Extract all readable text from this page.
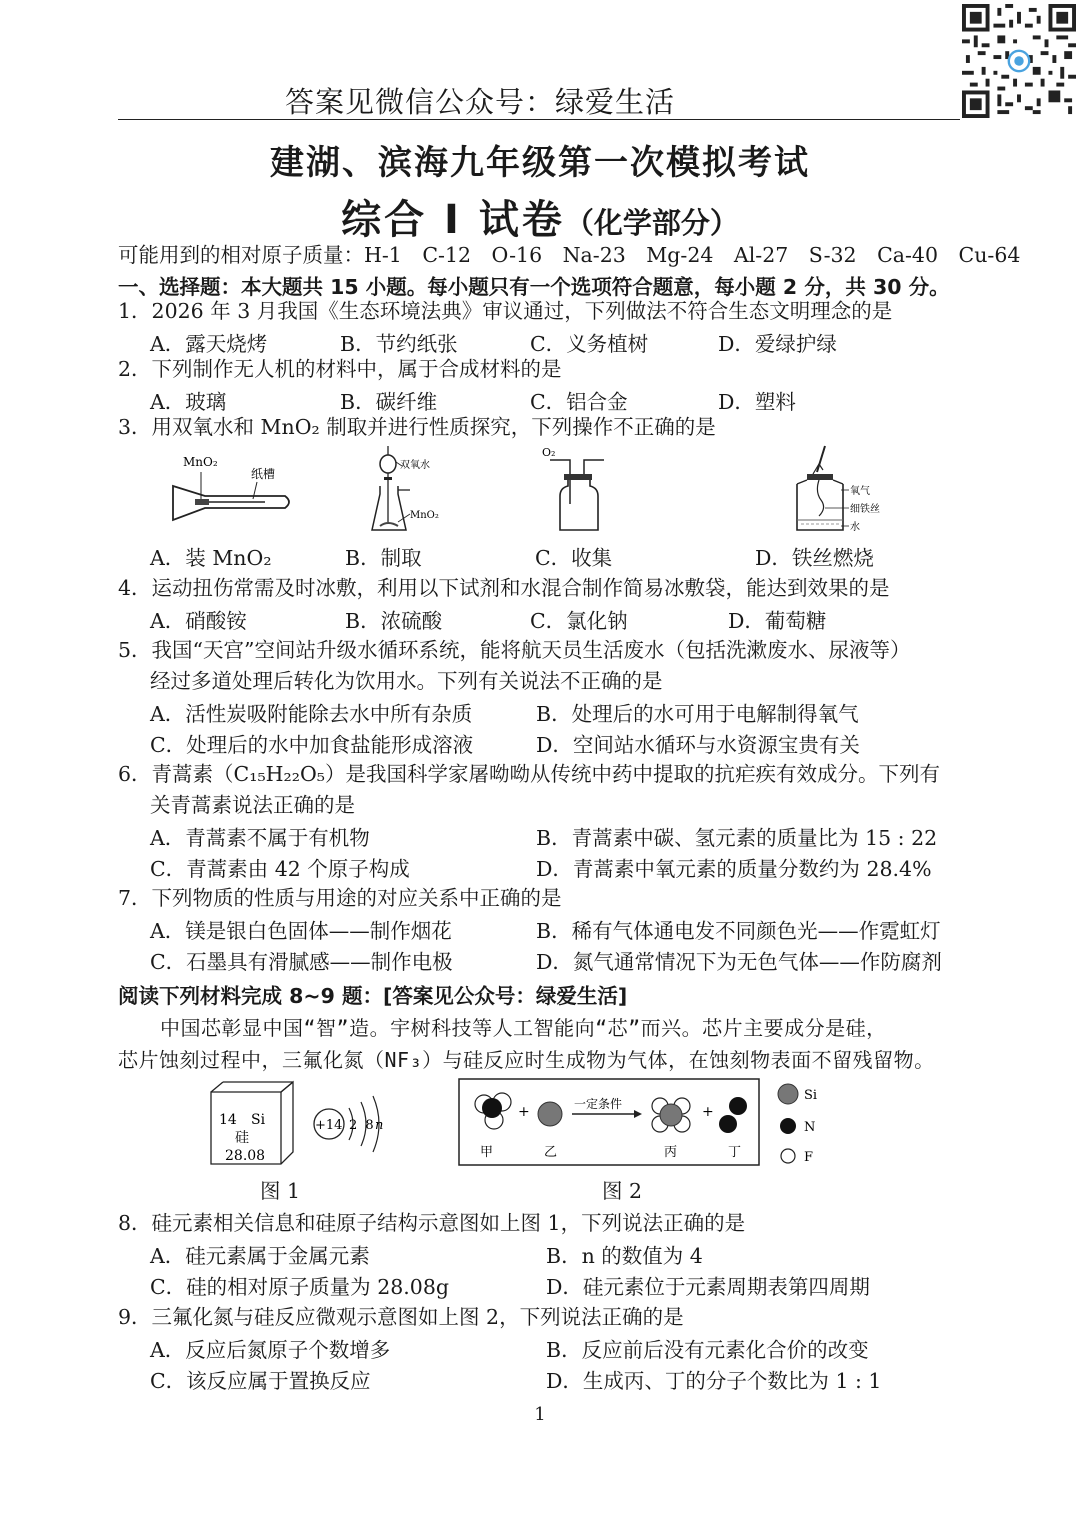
答案见微信公众号：绿爱生活
建湖、滨海九年级第一次模拟考试
综合 I 试卷（化学部分）
可能用到的相对原子质量：H-1　C-12　O-16　Na-23　Mg-24　Al-27　S-32　Ca-40　Cu-64
一、选择题：本大题共 15 小题。每小题只有一个选项符合题意，每小题 2 分，共 30 分。
1．2026 年 3 月我国《生态环境法典》审议通过，下列做法不符合生态文明理念的是
A．露天烧烤	B．节约纸张	C．义务植树	D．爱绿护绿
2．下列制作无人机的材料中，属于合成材料的是
A．玻璃	B．碳纤维	C．铝合金	D．塑料
3．用双氧水和 MnO₂ 制取并进行性质探究，下列操作不正确的是
MnO₂
纸槽
双氧水
MnO₂
O₂
氧气
细铁丝
水
A．装 MnO₂	B．制取	C．收集	D．铁丝燃烧
4．运动扭伤常需及时冰敷，利用以下试剂和水混合制作简易冰敷袋，能达到效果的是
A．硝酸铵	B．浓硫酸	C．氯化钠	D．葡萄糖
5．我国“天宫”空间站升级水循环系统，能将航天员生活废水（包括洗漱废水、尿液等）
经过多道处理后转化为饮用水。下列有关说法不正确的是
A．活性炭吸附能除去水中所有杂质	B．处理后的水可用于电解制得氧气
C．处理后的水中加食盐能形成溶液	D．空间站水循环与水资源宝贵有关
6．青蒿素（C₁₅H₂₂O₅）是我国科学家屠呦呦从传统中药中提取的抗疟疾有效成分。下列有
关青蒿素说法正确的是
A．青蒿素不属于有机物	B．青蒿素中碳、氢元素的质量比为 15 : 22
C．青蒿素由 42 个原子构成	D．青蒿素中氧元素的质量分数约为 28.4%
7．下列物质的性质与用途的对应关系中正确的是
A．镁是银白色固体——制作烟花	B．稀有气体通电发不同颜色光——作霓虹灯
C．石墨具有滑腻感——制作电极	D．氮气通常情况下为无色气体——作防腐剂
阅读下列材料完成 8~9 题：[答案见公众号：绿爱生活]
中国芯彰显中国“智”造。宇树科技等人工智能向“芯”而兴。芯片主要成分是硅，
芯片蚀刻过程中，三氟化氮（NF₃）与硅反应时生成物为气体，在蚀刻物表面不留残留物。
14 Si
硅
28.08
+14 2 8 n
图 1
+	一定条件	+
甲	乙	丙	丁
Si
N
F
图 2
8．硅元素相关信息和硅原子结构示意图如上图 1，下列说法正确的是
A．硅元素属于金属元素	B．n 的数值为 4
C．硅的相对原子质量为 28.08g	D．硅元素位于元素周期表第四周期
9．三氟化氮与硅反应微观示意图如上图 2，下列说法正确的是
A．反应后氮原子个数增多	B．反应前后没有元素化合价的改变
C．该反应属于置换反应	D．生成丙、丁的分子个数比为 1 : 1
1
